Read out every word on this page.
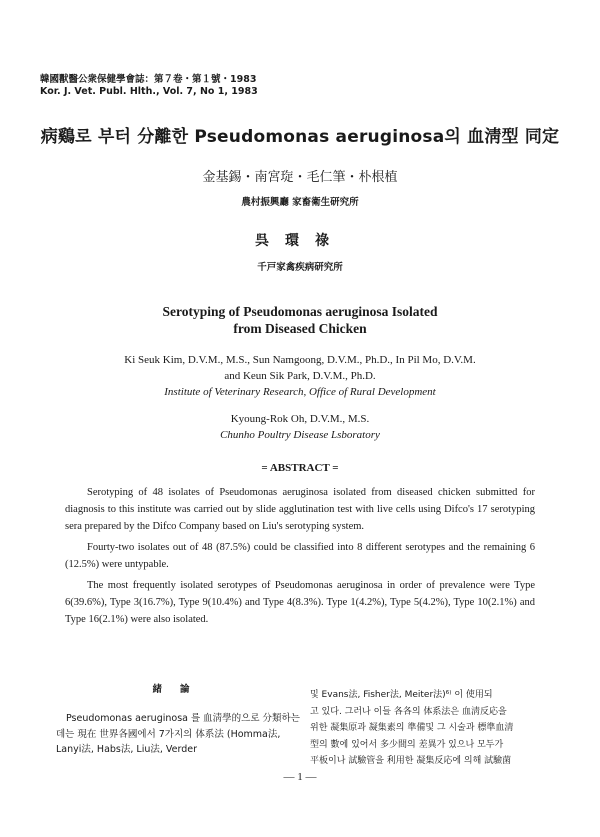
韓國獸醫公衆保健學會誌：第７卷・第１號・1983
Kor. J. Vet. Publ. Hlth., Vol. 7, No 1, 1983
病鷄로 부터 分離한 Pseudomonas aeruginosa의 血淸型 同定
金基錫・南宮琁・毛仁筆・朴根植
農村振興廳 家畜衛生研究所
呉環祿
千戸家禽疾病研究所
Serotyping of Pseudomonas aeruginosa Isolated
from Diseased Chicken
Ki Seuk Kim, D.V.M., M.S., Sun Namgoong, D.V.M., Ph.D., In Pil Mo, D.V.M.
and Keun Sik Park, D.V.M., Ph.D.
Institute of Veterinary Research, Office of Rural Development
Kyoung-Rok Oh, D.V.M., M.S.
Chunho Poultry Disease Lsboratory
= ABSTRACT =

Serotyping of 48 isolates of Pseudomonas aeruginosa isolated from diseased chicken submitted for diagnosis to this institute was carried out by slide agglutination test with live cells using Difco's 17 serotyping sera prepared by the Difco Company based on Liu's serotyping system.

Fourty-two isolates out of 48 (87.5%) could be classified into 8 different serotypes and the remaining 6 (12.5%) were untypable.

The most frequently isolated serotypes of Pseudomonas aeruginosa in order of prevalence were Type 6(39.6%), Type 3(16.7%), Type 9(10.4%) and Type 4(8.3%). Type 1(4.2%), Type 5(4.2%), Type 10(2.1%) and Type 16(2.1%) were also isolated.

緒論
Pseudomonas aeruginosa 를 血淸學的으로 分類하는데는 現在 世界各國에서 7가지의 体系法 (Homma法, Lanyi法, Habs法, Liu法, Verder
및 Evans法, Fisher法, Meiter法)⁶⁾ 이 使用되
고 있다. 그러나 이들 各各의 体系法은 血淸反応을
위한 凝集原과 凝集素의 準備및 그 시술과 標準血淸
型의 數에 있어서 多少間의 差異가 있으나 모두가
平板이나 試驗管을 利用한 凝集反応에 의해 試驗菌
— 1 —
